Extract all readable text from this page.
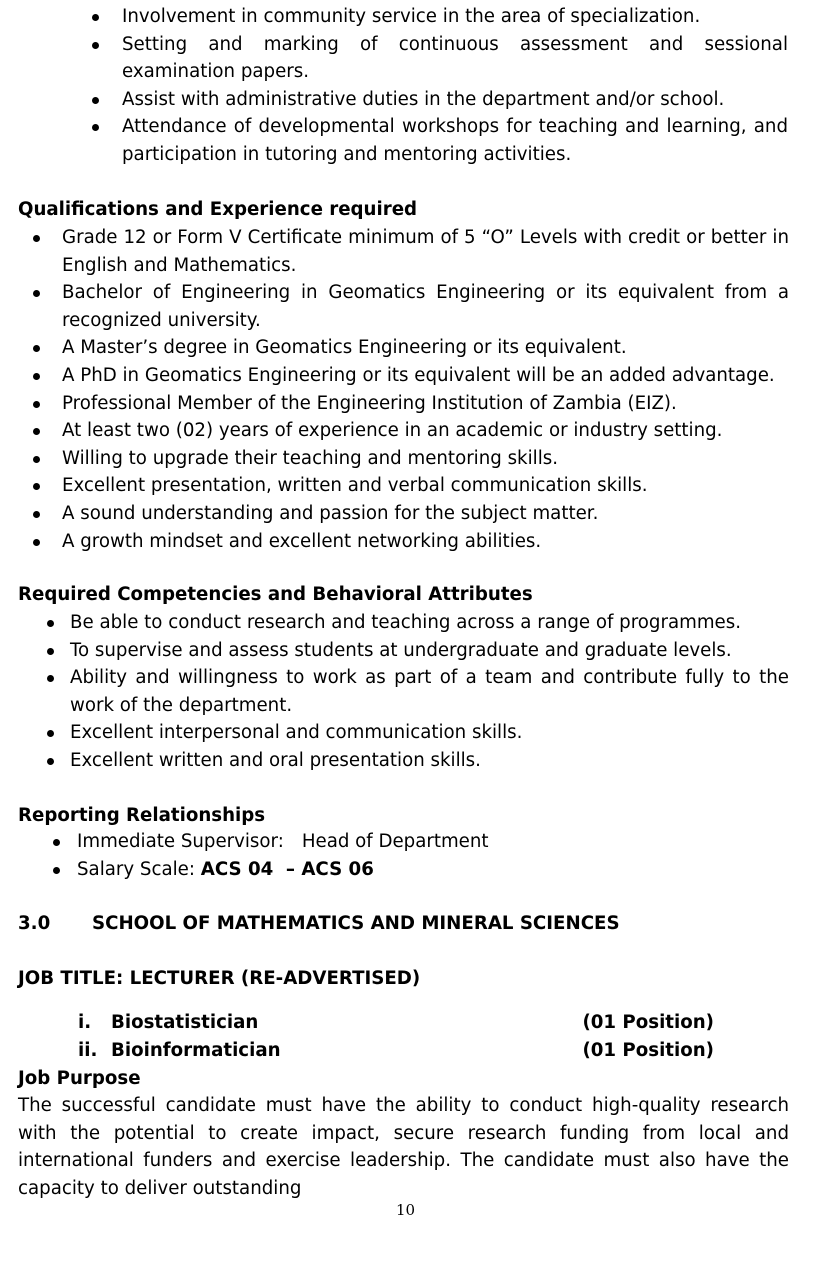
Involvement in community service in the area of specialization.
Setting and marking of continuous assessment and sessional examination papers.
Assist with administrative duties in the department and/or school.
Attendance of developmental workshops for teaching and learning, and participation in tutoring and mentoring activities.
Qualifications and Experience required
Grade 12 or Form V Certificate minimum of 5 “O” Levels with credit or better in English and Mathematics.
Bachelor of Engineering in Geomatics Engineering or its equivalent from a recognized university.
A Master’s degree in Geomatics Engineering or its equivalent.
A PhD in Geomatics Engineering or its equivalent will be an added advantage.
Professional Member of the Engineering Institution of Zambia (EIZ).
At least two (02) years of experience in an academic or industry setting.
Willing to upgrade their teaching and mentoring skills.
Excellent presentation, written and verbal communication skills.
A sound understanding and passion for the subject matter.
A growth mindset and excellent networking abilities.
Required Competencies and Behavioral Attributes
Be able to conduct research and teaching across a range of programmes.
To supervise and assess students at undergraduate and graduate levels.
Ability and willingness to work as part of a team and contribute fully to the work of the department.
Excellent interpersonal and communication skills.
Excellent written and oral presentation skills.
Reporting Relationships
Immediate Supervisor: Head of Department
Salary Scale: ACS 04  – ACS 06
3.0 SCHOOL OF MATHEMATICS AND MINERAL SCIENCES
JOB TITLE: LECTURER (RE-ADVERTISED)
i.	Biostatistician	(01 Position)
ii. Bioinformatician	(01 Position)
Job Purpose
The successful candidate must have the ability to conduct high-quality research with the potential to create impact, secure research funding from local and international funders and exercise leadership. The candidate must also have the capacity to deliver outstanding
10
